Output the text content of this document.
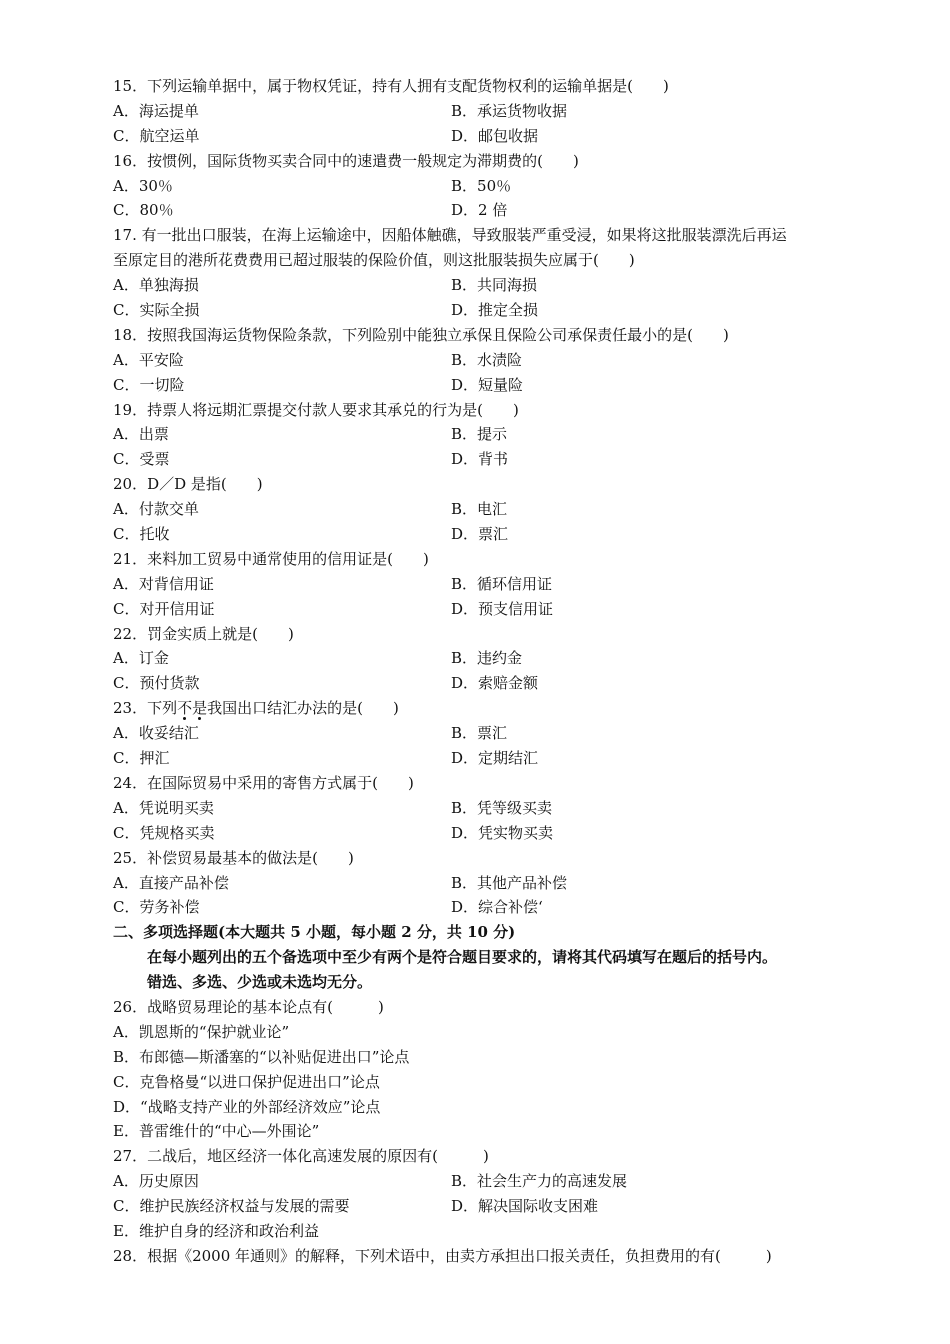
15．下列运输单据中，属于物权凭证，持有人拥有支配货物权利的运输单据是(　　)
A．海运提单	B．承运货物收据
C．航空运单	D．邮包收据
16．按惯例，国际货物买卖合同中的速遣费一般规定为滞期费的(　　)
A．30％	B．50％
C．80％	D．2 倍
17. 有一批出口服装，在海上运输途中，因船体触礁，导致服装严重受浸，如果将这批服装漂洗后再运
至原定目的港所花费费用已超过服装的保险价值，则这批服装损失应属于(　　)
A．单独海损	B．共同海损
C．实际全损	D．推定全损
18．按照我国海运货物保险条款，下列险别中能独立承保且保险公司承保责任最小的是(　　)
A．平安险	B．水渍险
C．一切险	D．短量险
19．持票人将远期汇票提交付款人要求其承兑的行为是(　　)
A．出票	B．提示
C．受票	D．背书
20．D／D 是指(　　)
A．付款交单	B．电汇
C．托收	D．票汇
21．来料加工贸易中通常使用的信用证是(　　)
A．对背信用证	B．循环信用证
C．对开信用证	D．预支信用证
22．罚金实质上就是(　　)
A．订金	B．违约金
C．预付货款	D．索赔金额
23．下列不是我国出口结汇办法的是(　　)
A．收妥结汇	B．票汇
C．押汇	D．定期结汇
24．在国际贸易中采用的寄售方式属于(　　)
A．凭说明买卖	B．凭等级买卖
C．凭规格买卖	D．凭实物买卖
25．补偿贸易最基本的做法是(　　)
A．直接产品补偿	B．其他产品补偿
C．劳务补偿	D．综合补偿‘
二、多项选择题(本大题共 5 小题，每小题 2 分，共 10 分)
在每小题列出的五个备选项中至少有两个是符合题目要求的，请将其代码填写在题后的括号内。
错选、多选、少选或未选均无分。
26．战略贸易理论的基本论点有(　　　)
A．凯恩斯的“保护就业论”
B．布郎德—斯潘塞的“以补贴促进出口”论点
C．克鲁格曼“以进口保护促进出口”论点
D．“战略支持产业的外部经济效应”论点
E．普雷维什的“中心—外围论”
27．二战后，地区经济一体化高速发展的原因有(　　　)
A．历史原因	B．社会生产力的高速发展
C．维护民族经济权益与发展的需要	D．解决国际收支困难
E．维护自身的经济和政治利益
28．根据《2000 年通则》的解释，下列术语中，由卖方承担出口报关责任，负担费用的有(　　　)
